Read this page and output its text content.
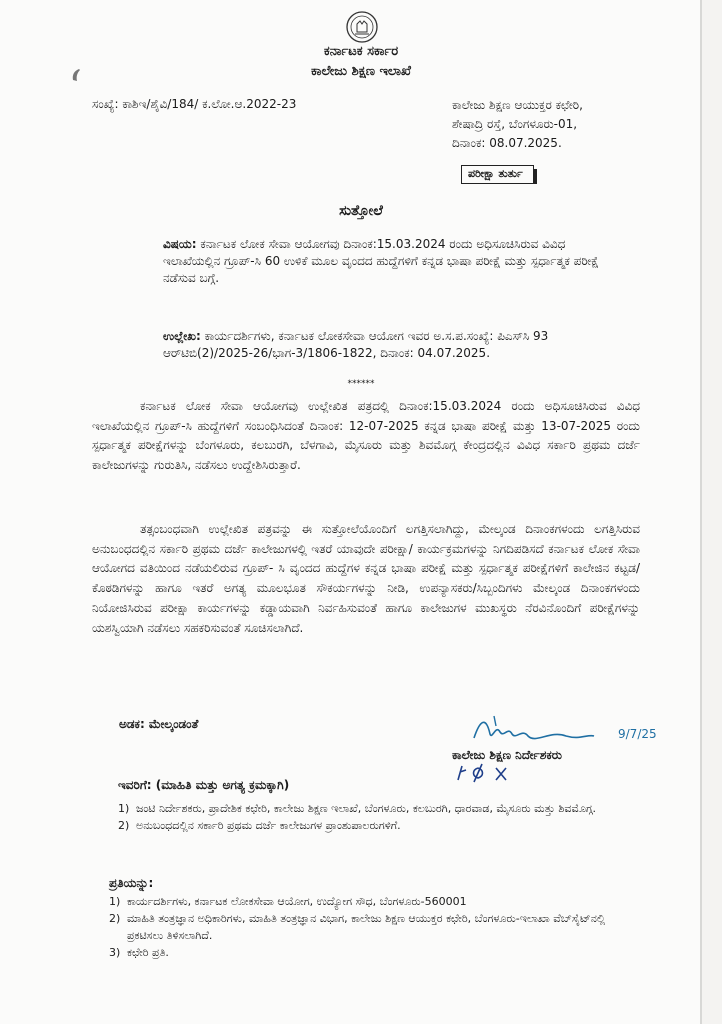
ಕರ್ನಾಟಕ ಸರ್ಕಾರ
ಕಾಲೇಜು ಶಿಕ್ಷಣ ಇಲಾಖೆ
ಸಂಖ್ಯೆ: ಕಾಶಿಇ/ಶೈವಿ/184/ ಕ.ಲೋ.ಆ.2022-23	ಕಾಲೇಜು ಶಿಕ್ಷಣ ಆಯುಕ್ತರ ಕಛೇರಿ,
ಶೇಷಾದ್ರಿ ರಸ್ತೆ, ಬೆಂಗಳೂರು-01,
ದಿನಾಂಕ: 08.07.2025.
ಪರೀಕ್ಷಾ ತುರ್ತು
ಸುತ್ತೋಲೆ
ವಿಷಯ: ಕರ್ನಾಟಕ ಲೋಕ ಸೇವಾ ಆಯೋಗವು ದಿನಾಂಕ:15.03.2024 ರಂದು ಅಧಿಸೂಚಿಸಿರುವ ವಿವಿಧ ಇಲಾಖೆಯಲ್ಲಿನ ಗ್ರೂಪ್-ಸಿ 60 ಉಳಿಕೆ ಮೂಲ ವೃಂದದ ಹುದ್ದೆಗಳಿಗೆ ಕನ್ನಡ ಭಾಷಾ ಪರೀಕ್ಷೆ ಮತ್ತು ಸ್ಪರ್ಧಾತ್ಮಕ ಪರೀಕ್ಷೆ ನಡೆಸುವ ಬಗ್ಗೆ.
ಉಲ್ಲೇಖ: ಕಾರ್ಯದರ್ಶಿಗಳು, ಕರ್ನಾಟಕ ಲೋಕಸೇವಾ ಆಯೋಗ ಇವರ ಅ.ಸ.ಪ.ಸಂಖ್ಯೆ: ಪಿಎಸ್‌ಸಿ 93 ಆರ್‌ಟಿಬಿ(2)/2025-26/ಭಾಗ-3/1806-1822, ದಿನಾಂಕ: 04.07.2025.
******
ಕರ್ನಾಟಕ ಲೋಕ ಸೇವಾ ಆಯೋಗವು ಉಲ್ಲೇಖಿತ ಪತ್ರದಲ್ಲಿ ದಿನಾಂಕ:15.03.2024 ರಂದು ಅಧಿಸೂಚಿಸಿರುವ ವಿವಿಧ ಇಲಾಖೆಯಲ್ಲಿನ ಗ್ರೂಪ್-ಸಿ ಹುದ್ದೆಗಳಿಗೆ ಸಂಬಂಧಿಸಿದಂತೆ ದಿನಾಂಕ: 12-07-2025 ಕನ್ನಡ ಭಾಷಾ ಪರೀಕ್ಷೆ ಮತ್ತು 13-07-2025 ರಂದು ಸ್ಪರ್ಧಾತ್ಮಕ ಪರೀಕ್ಷೆಗಳನ್ನು ಬೆಂಗಳೂರು, ಕಲಬುರಗಿ, ಬೆಳಗಾವಿ, ಮೈಸೂರು ಮತ್ತು ಶಿವಮೊಗ್ಗ ಕೇಂದ್ರದಲ್ಲಿನ ವಿವಿಧ ಸರ್ಕಾರಿ ಪ್ರಥಮ ದರ್ಜೆ ಕಾಲೇಜುಗಳನ್ನು ಗುರುತಿಸಿ, ನಡೆಸಲು ಉದ್ದೇಶಿಸಿರುತ್ತಾರೆ.
ತತ್ಸಂಬಂಧವಾಗಿ ಉಲ್ಲೇಖಿತ ಪತ್ರವನ್ನು ಈ ಸುತ್ತೋಲೆಯೊಂದಿಗೆ ಲಗತ್ತಿಸಲಾಗಿದ್ದು, ಮೇಲ್ಕಂಡ ದಿನಾಂಕಗಳಂದು ಲಗತ್ತಿಸಿರುವ ಅನುಬಂಧದಲ್ಲಿನ ಸರ್ಕಾರಿ ಪ್ರಥಮ ದರ್ಜೆ ಕಾಲೇಜುಗಳಲ್ಲಿ ಇತರೆ ಯಾವುದೇ ಪರೀಕ್ಷಾ/ ಕಾರ್ಯಕ್ರಮಗಳನ್ನು ನಿಗದಿಪಡಿಸದೆ ಕರ್ನಾಟಕ ಲೋಕ ಸೇವಾ ಆಯೋಗದ ವತಿಯಿಂದ ನಡೆಯಲಿರುವ ಗ್ರೂಪ್- ಸಿ ವೃಂದದ ಹುದ್ದೆಗಳ ಕನ್ನಡ ಭಾಷಾ ಪರೀಕ್ಷೆ ಮತ್ತು ಸ್ಪರ್ಧಾತ್ಮಕ ಪರೀಕ್ಷೆಗಳಿಗೆ ಕಾಲೇಜಿನ ಕಟ್ಟಡ/ ಕೊಠಡಿಗಳನ್ನು ಹಾಗೂ ಇತರೆ ಅಗತ್ಯ ಮೂಲಭೂತ ಸೌಕರ್ಯಗಳನ್ನು ನೀಡಿ, ಉಪನ್ಯಾಸಕರು/ಸಿಬ್ಬಂದಿಗಳು ಮೇಲ್ಕಂಡ ದಿನಾಂಕಗಳಂದು ನಿಯೋಜಿಸಿರುವ ಪರೀಕ್ಷಾ ಕಾರ್ಯಗಳನ್ನು ಕಡ್ಡಾಯವಾಗಿ ನಿರ್ವಹಿಸುವಂತೆ ಹಾಗೂ ಕಾಲೇಜುಗಳ ಮುಖಸ್ಥರು ನೆರವಿನೊಂದಿಗೆ ಪರೀಕ್ಷೆಗಳನ್ನು ಯಶಸ್ವಿಯಾಗಿ ನಡೆಸಲು ಸಹಕರಿಸುವಂತೆ ಸೂಚಿಸಲಾಗಿದೆ.
ಅಡಕ: ಮೇಲ್ಕಂಡಂತೆ
9/7/25
ಕಾಲೇಜು ಶಿಕ್ಷಣ ನಿರ್ದೇಶಕರು
ಇವರಿಗೆ: (ಮಾಹಿತಿ ಮತ್ತು ಅಗತ್ಯ ಕ್ರಮಕ್ಕಾಗಿ)
1) ಜಂಟಿ ನಿರ್ದೇಶಕರು, ಪ್ರಾದೇಶಿಕ ಕಛೇರಿ, ಕಾಲೇಜು ಶಿಕ್ಷಣ ಇಲಾಖೆ, ಬೆಂಗಳೂರು, ಕಲಬುರಗಿ, ಧಾರವಾಡ, ಮೈಸೂರು ಮತ್ತು ಶಿವಮೊಗ್ಗ.
2) ಅನುಬಂಧದಲ್ಲಿನ ಸರ್ಕಾರಿ ಪ್ರಥಮ ದರ್ಜೆ ಕಾಲೇಜುಗಳ ಪ್ರಾಂಶುಪಾಲರುಗಳಿಗೆ.
ಪ್ರತಿಯನ್ನು:
1) ಕಾರ್ಯದರ್ಶಿಗಳು, ಕರ್ನಾಟಕ ಲೋಕಸೇವಾ ಆಯೋಗ, ಉದ್ಯೋಗ ಸೌಧ, ಬೆಂಗಳೂರು-560001
2) ಮಾಹಿತಿ ತಂತ್ರಜ್ಞಾನ ಅಧಿಕಾರಿಗಳು, ಮಾಹಿತಿ ತಂತ್ರಜ್ಞಾನ ವಿಭಾಗ, ಕಾಲೇಜು ಶಿಕ್ಷಣ ಆಯುಕ್ತರ ಕಛೇರಿ, ಬೆಂಗಳೂರು-ಇಲಾಖಾ ವೆಬ್‌ಸೈಟ್‌ನಲ್ಲಿ ಪ್ರಕಟಿಸಲು ತಿಳಿಸಲಾಗಿದೆ.
3) ಕಛೇರಿ ಪ್ರತಿ.
